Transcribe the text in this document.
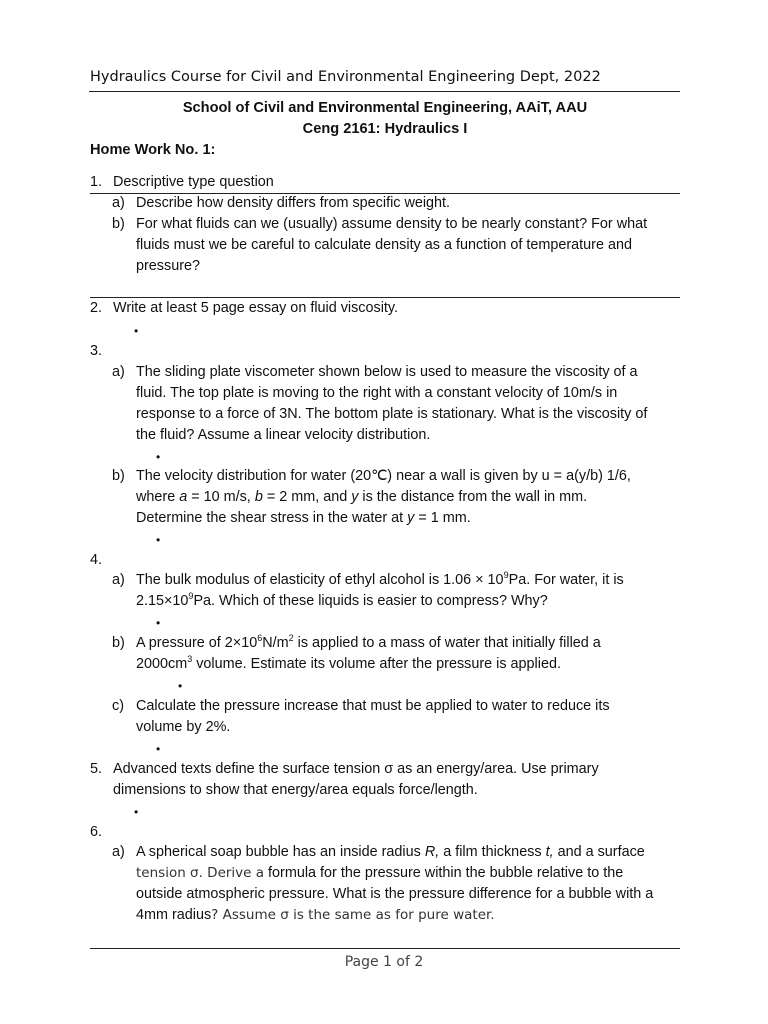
Hydraulics Course for Civil and Environmental Engineering Dept, 2022
School of Civil and Environmental Engineering, AAiT, AAU
Ceng 2161: Hydraulics I
Home Work No. 1:
1. Descriptive type question
a) Describe how density differs from specific weight.
b) For what fluids can we (usually) assume density to be nearly constant? For what
fluids must we be careful to calculate density as a function of temperature and
pressure?
2. Write at least 5 page essay on fluid viscosity.
•
3.
a) The sliding plate viscometer shown below is used to measure the viscosity of a
fluid. The top plate is moving to the right with a constant velocity of 10m/s in
response to a force of 3N. The bottom plate is stationary. What is the viscosity of
the fluid? Assume a linear velocity distribution.
•
b) The velocity distribution for water (20℃) near a wall is given by u = a(y/b) 1/6,
where a = 10 m/s, b = 2 mm, and y is the distance from the wall in mm.
Determine the shear stress in the water at y = 1 mm.
•
4.
a) The bulk modulus of elasticity of ethyl alcohol is $1.06 \times 10^9Pa$. For water, it is
$2.15\times 10^9Pa$. Which of these liquids is easier to compress? Why?
•
b) A pressure of $2\times 10^6N/m^2$ is applied to a mass of water that initially filled a
$2000cm^3$ volume. Estimate its volume after the pressure is applied.
•
c) Calculate the pressure increase that must be applied to water to reduce its
volume by 2%.
•
5. Advanced texts define the surface tension σ as an energy/area. Use primary
dimensions to show that energy/area equals force/length.
•
6.
a) A spherical soap bubble has an inside radius R, a film thickness t, and a surface
tension σ. Derive a formula for the pressure within the bubble relative to the
outside atmospheric pressure. What is the pressure difference for a bubble with a
4mm radius? Assume σ is the same as for pure water.
Page 1 of 2
